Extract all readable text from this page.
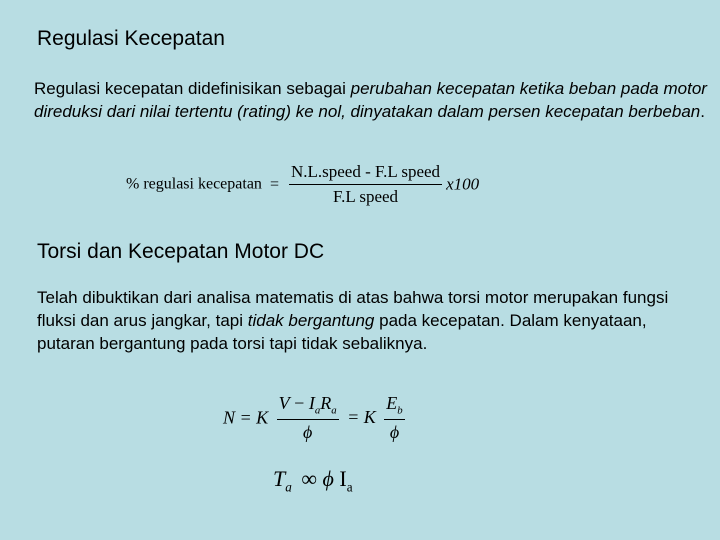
Regulasi Kecepatan
Regulasi kecepatan didefinisikan sebagai perubahan kecepatan ketika beban pada motor direduksi dari nilai tertentu (rating) ke nol, dinyatakan dalam persen kecepatan berbeban.
% regulasi kecepatan = $\frac{\text{N.L.speed - F.L speed}}{\text{F.L speed}} x100$
Torsi dan Kecepatan Motor DC
Telah dibuktikan dari analisa matematis di atas bahwa torsi motor merupakan fungsi fluksi dan arus jangkar, tapi tidak bergantung pada kecepatan. Dalam kenyataan, putaran bergantung pada torsi tapi tidak sebaliknya.
N = K $\frac{V - I_aR_a}{\phi} = K \frac{E_b}{\phi}$
$T_a$ ∞ ϕ $I_a$
